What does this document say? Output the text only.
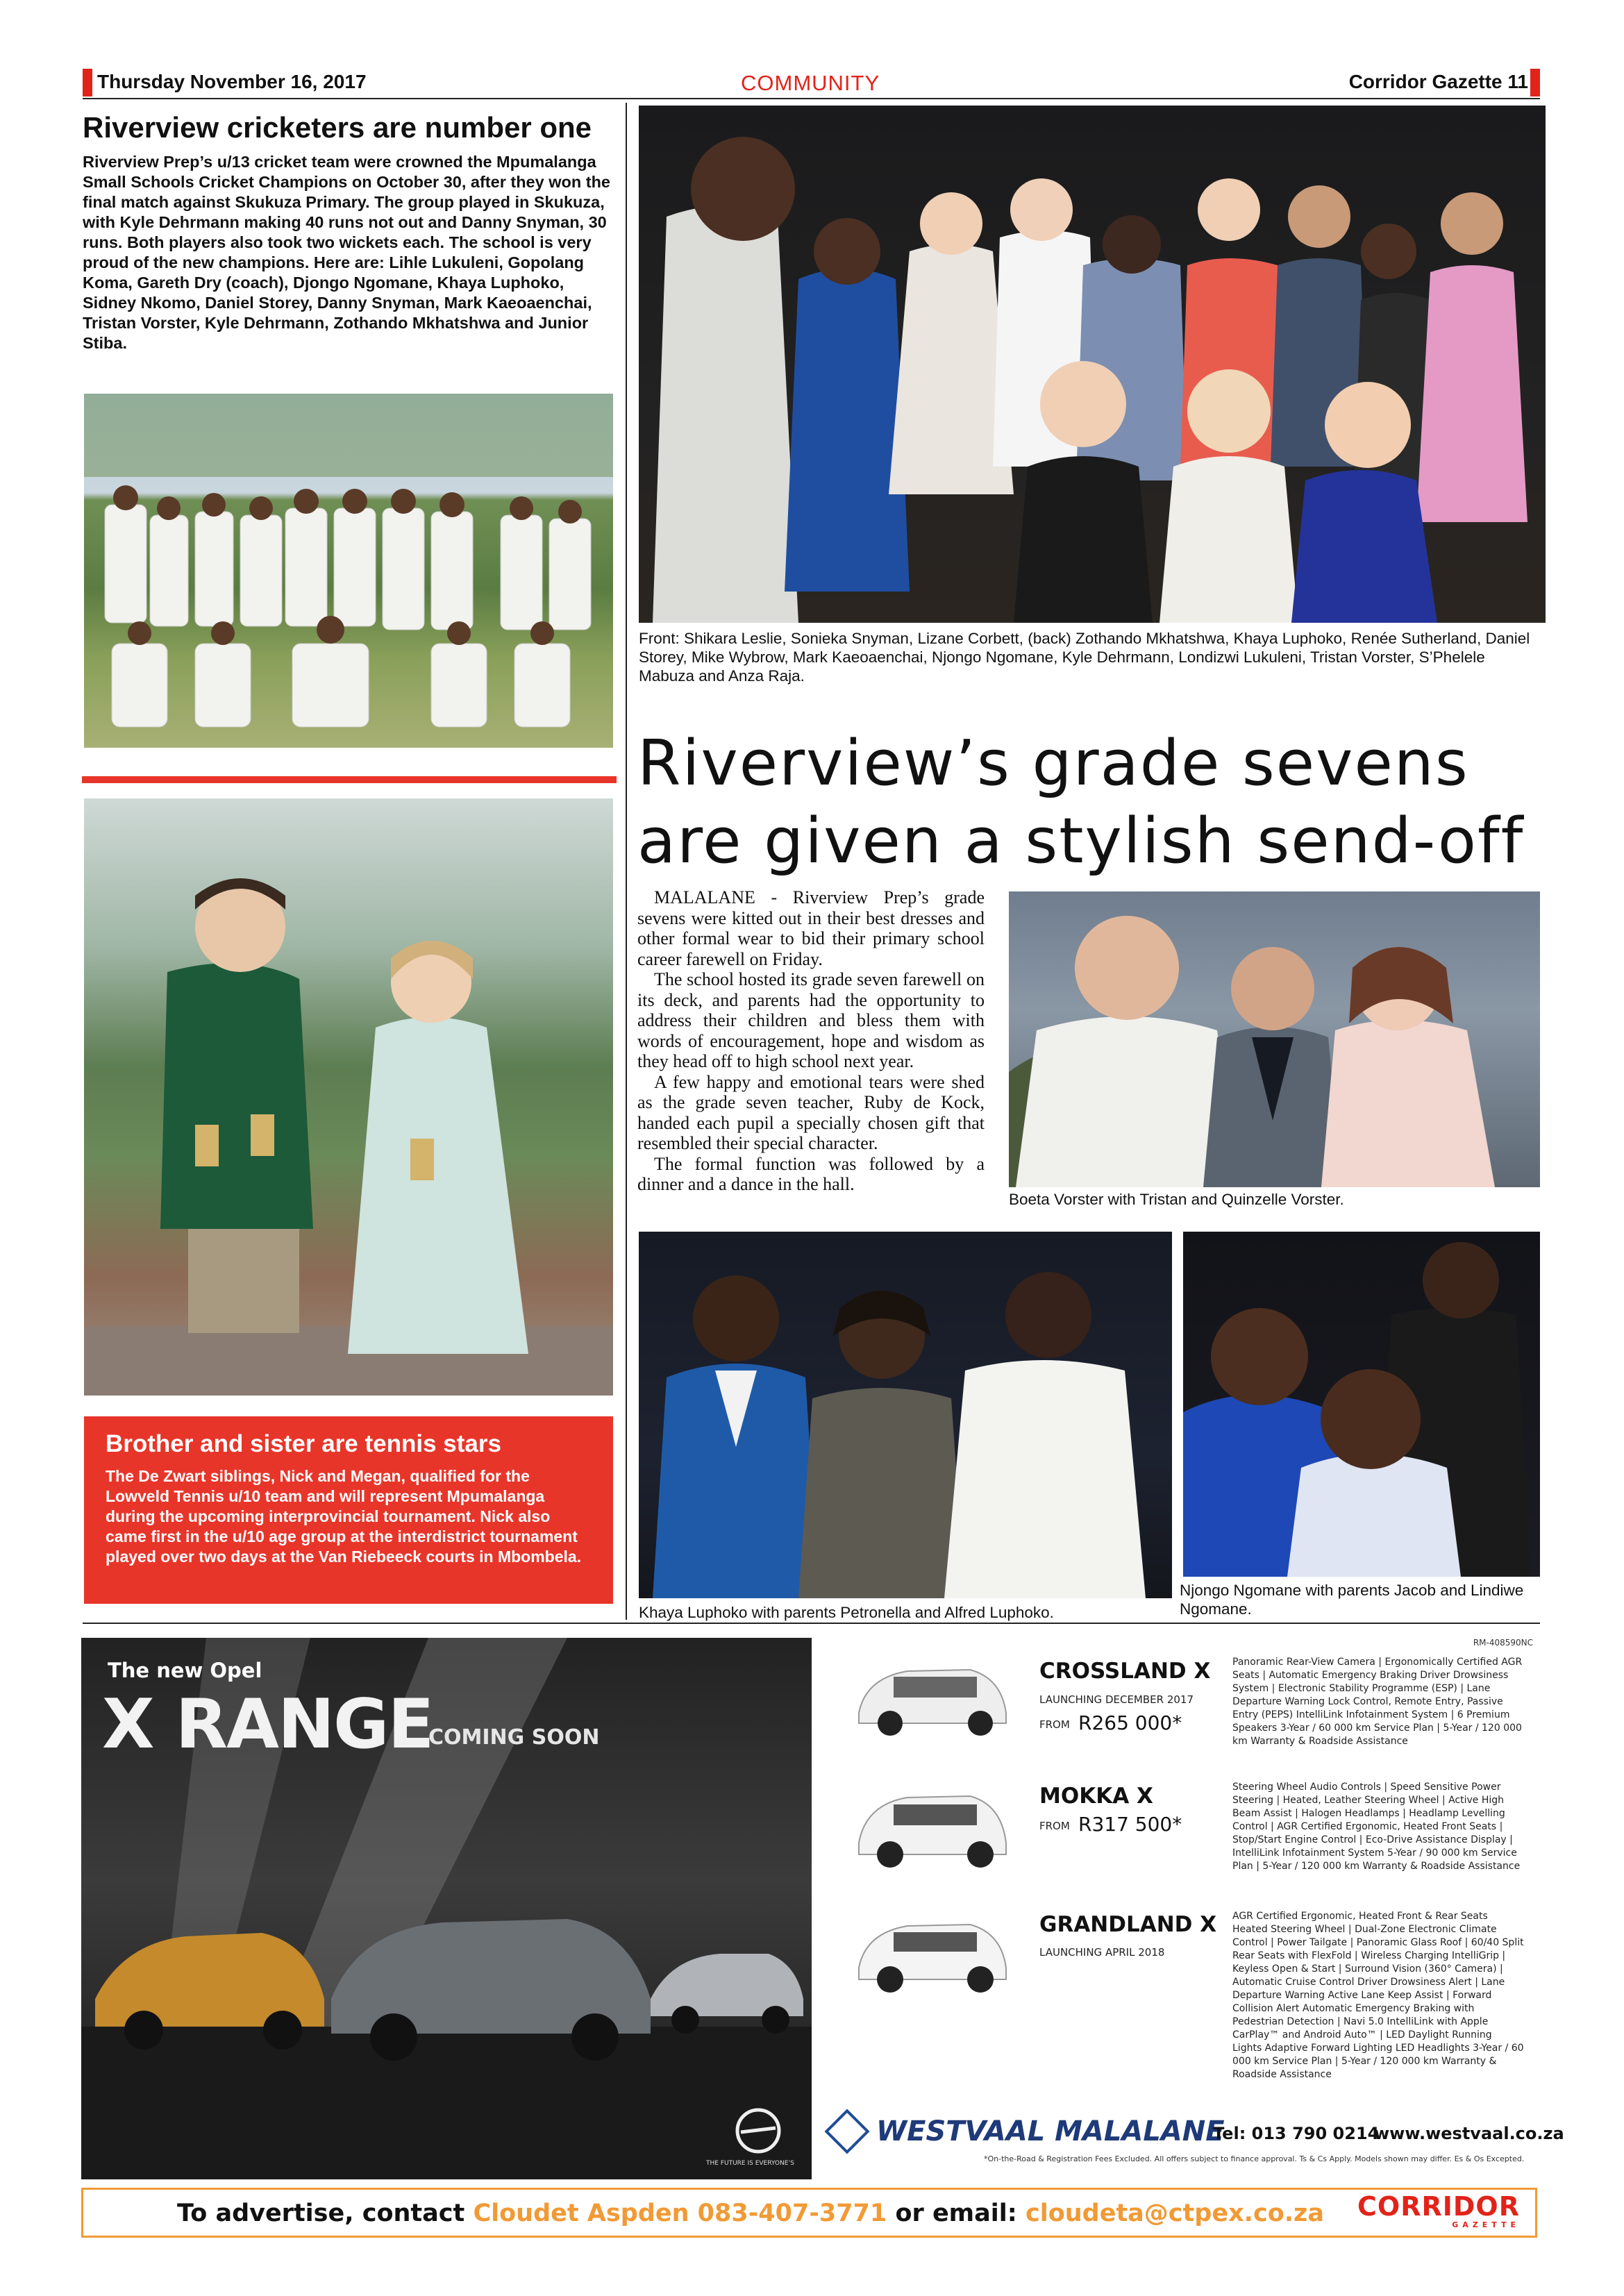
Thursday November 16, 2017	COMMUNITY	Corridor Gazette 11
Riverview cricketers are number one
Riverview Prep’s u/13 cricket team were crowned the Mpumalanga Small Schools Cricket Champions on October 30, after they won the final match against Skukuza Primary. The group played in Skukuza, with Kyle Dehrmann making 40 runs not out and Danny Snyman, 30 runs. Both players also took two wickets each. The school is very proud of the new champions. Here are: Lihle Lukuleni, Gopolang Koma, Gareth Dry (coach), Djongo Ngomane, Khaya Luphoko, Sidney Nkomo, Daniel Storey, Danny Snyman, Mark Kaeoaenchai, Tristan Vorster, Kyle Dehrmann, Zothando Mkhatshwa and Junior Stiba.
Brother and sister are tennis stars
The De Zwart siblings, Nick and Megan, qualified for the Lowveld Tennis u/10 team and will represent Mpumalanga during the upcoming interprovincial tournament. Nick also came first in the u/10 age group at the interdistrict tournament played over two days at the Van Riebeeck courts in Mbombela.
Front: Shikara Leslie, Sonieka Snyman, Lizane Corbett, (back) Zothando Mkhatshwa, Khaya Luphoko, Renée Sutherland, Daniel Storey, Mike Wybrow, Mark Kaeoaenchai, Njongo Ngomane, Kyle Dehrmann, Londizwi Lukuleni, Tristan Vorster, S’Phelele Mabuza and Anza Raja.
Riverview’s grade sevens
are given a stylish send-off

MALALANE - Riverview Prep’s grade sevens were kitted out in their best dresses and other formal wear to bid their primary school career farewell on Friday.

The school hosted its grade seven farewell on its deck, and parents had the opportunity to address their children and bless them with words of encouragement, hope and wisdom as they head off to high school next year.

A few happy and emotional tears were shed as the grade seven teacher, Ruby de Kock, handed each pupil a specially chosen gift that resembled their special character.

The formal function was followed by a dinner and a dance in the hall.

Boeta Vorster with Tristan and Quinzelle Vorster.
Khaya Luphoko with parents Petronella and Alfred Luphoko.
Njongo Ngomane with parents Jacob and Lindiwe Ngomane.
The new Opel
X RANGE
COMING SOON
THE FUTURE IS EVERYONE’S
RM-408590NC
CROSSLAND X
LAUNCHING DECEMBER 2017
FROM R265 000*
Panoramic Rear-View Camera | Ergonomically Certified AGR Seats | Automatic Emergency Braking Driver Drowsiness System | Electronic Stability Programme (ESP) | Lane Departure Warning Lock Control, Remote Entry, Passive Entry (PEPS) IntelliLink Infotainment System | 6 Premium Speakers 3-Year / 60 000 km Service Plan | 5-Year / 120 000 km Warranty & Roadside Assistance
MOKKA X
FROM R317 500*
Steering Wheel Audio Controls | Speed Sensitive Power Steering | Heated, Leather Steering Wheel | Active High Beam Assist | Halogen Headlamps | Headlamp Levelling Control | AGR Certified Ergonomic, Heated Front Seats | Stop/Start Engine Control | Eco-Drive Assistance Display | IntelliLink Infotainment System 5-Year / 90 000 km Service Plan | 5-Year / 120 000 km Warranty & Roadside Assistance
GRANDLAND X
LAUNCHING APRIL 2018
AGR Certified Ergonomic, Heated Front & Rear Seats Heated Steering Wheel | Dual-Zone Electronic Climate Control | Power Tailgate | Panoramic Glass Roof | 60/40 Split Rear Seats with FlexFold | Wireless Charging IntelliGrip | Keyless Open & Start | Surround Vision (360° Camera) | Automatic Cruise Control Driver Drowsiness Alert | Lane Departure Warning Active Lane Keep Assist | Forward Collision Alert Automatic Emergency Braking with Pedestrian Detection | Navi 5.0 IntelliLink with Apple CarPlay™ and Android Auto™ | LED Daylight Running Lights Adaptive Forward Lighting LED Headlights 3-Year / 60 000 km Service Plan | 5-Year / 120 000 km Warranty & Roadside Assistance
WESTVAAL MALALANE
Tel: 013 790 0214
www.westvaal.co.za
*On-the-Road & Registration Fees Excluded. All offers subject to finance approval. Ts & Cs Apply. Models shown may differ. Es & Os Excepted.
To advertise, contact Cloudet Aspden 083-407-3771 or email: cloudeta@ctpex.co.za CORRIDOR
GAZETTE
